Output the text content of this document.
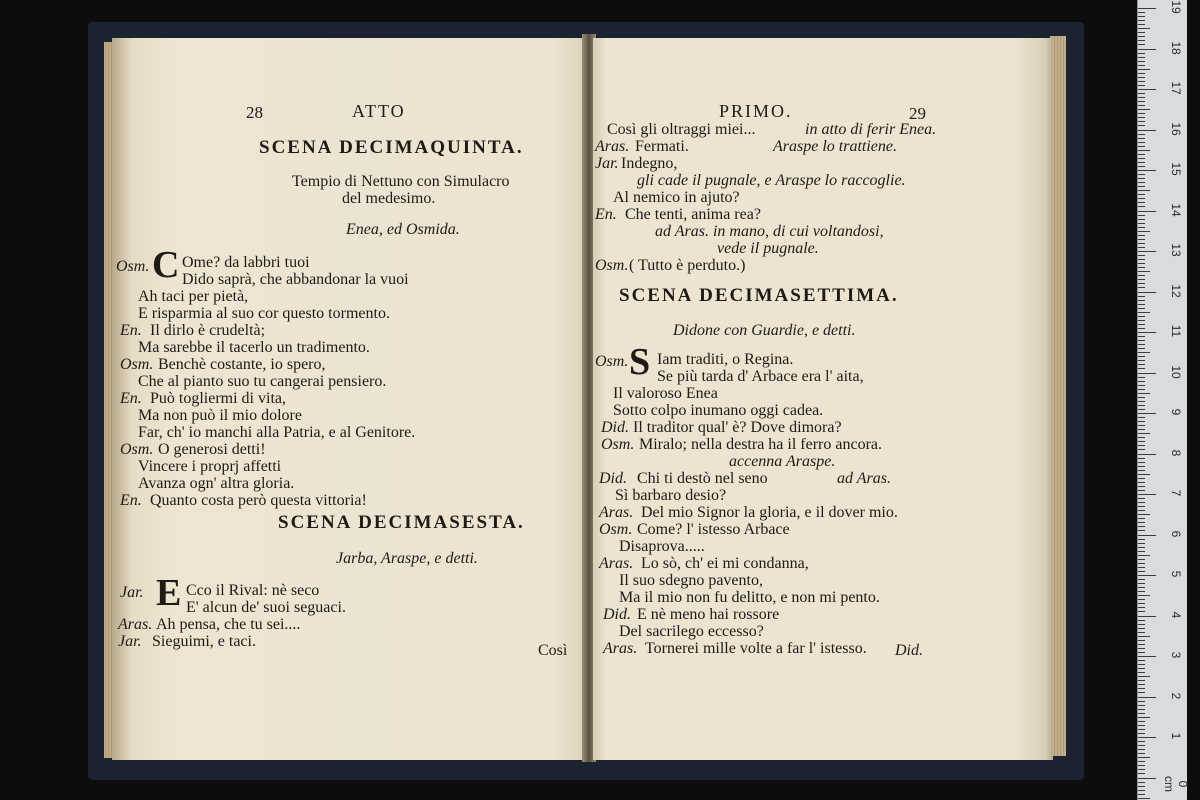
28	ATTO
SCENA DECIMAQUINTA.
Tempio di Nettuno con Simulacro
del medesimo.
Enea, ed Osmida.
Osm. C Ome? da labbri tuoi
Dido saprà, che abbandonar la vuoi
Ah taci per pietà,
E risparmia al suo cor questo tormento.
En. Il dirlo è crudeltà;
Ma sarebbe il tacerlo un tradimento.
Osm. Benchè costante, io spero,
Che al pianto suo tu cangerai pensiero.
En. Può togliermi di vita,
Ma non può il mio dolore
Far, ch' io manchi alla Patria, e al Genitore.
Osm. O generosi detti!
Vincere i proprj affetti
Avanza ogn' altra gloria.
En. Quanto costa però questa vittoria!
SCENA DECIMASESTA.
Jarba, Araspe, e detti.
Jar. E Cco il Rival: nè seco
E' alcun de' suoi seguaci.
Aras. Ah pensa, che tu sei....
Jar. Sieguimi, e taci.
Così
PRIMO.	29
Così gli oltraggi miei...	in atto di ferir Enea.
Aras. Fermati.	Araspe lo trattiene.
Jar. Indegno,
gli cade il pugnale, e Araspe lo raccoglie.
Al nemico in ajuto?
En. Che tenti, anima rea?
ad Aras. in mano, di cui voltandosi,
vede il pugnale.
Osm. ( Tutto è perduto.)
SCENA DECIMASETTIMA.
Didone con Guardie, e detti.
Osm. S Iam traditi, o Regina.
Se più tarda d' Arbace era l' aita,
Il valoroso Enea
Sotto colpo inumano oggi cadea.
Did. Il traditor qual' è? Dove dimora?
Osm. Miralo; nella destra ha il ferro ancora.
accenna Araspe.
Did. Chi ti destò nel seno	ad Aras.
Sì barbaro desio?
Aras. Del mio Signor la gloria, e il dover mio.
Osm. Come? l' istesso Arbace
Disaprova.....
Aras. Lo sò, ch' ei mi condanna,
Il suo sdegno pavento,
Ma il mio non fu delitto, e non mi pento.
Did. E nè meno hai rossore
Del sacrilego eccesso?
Aras. Tornerei mille volte a far l' istesso. Did.
19
18
17
16
15
14
13
12
11
10
9
8
7
6
5
4
3
2
1
0 cm
